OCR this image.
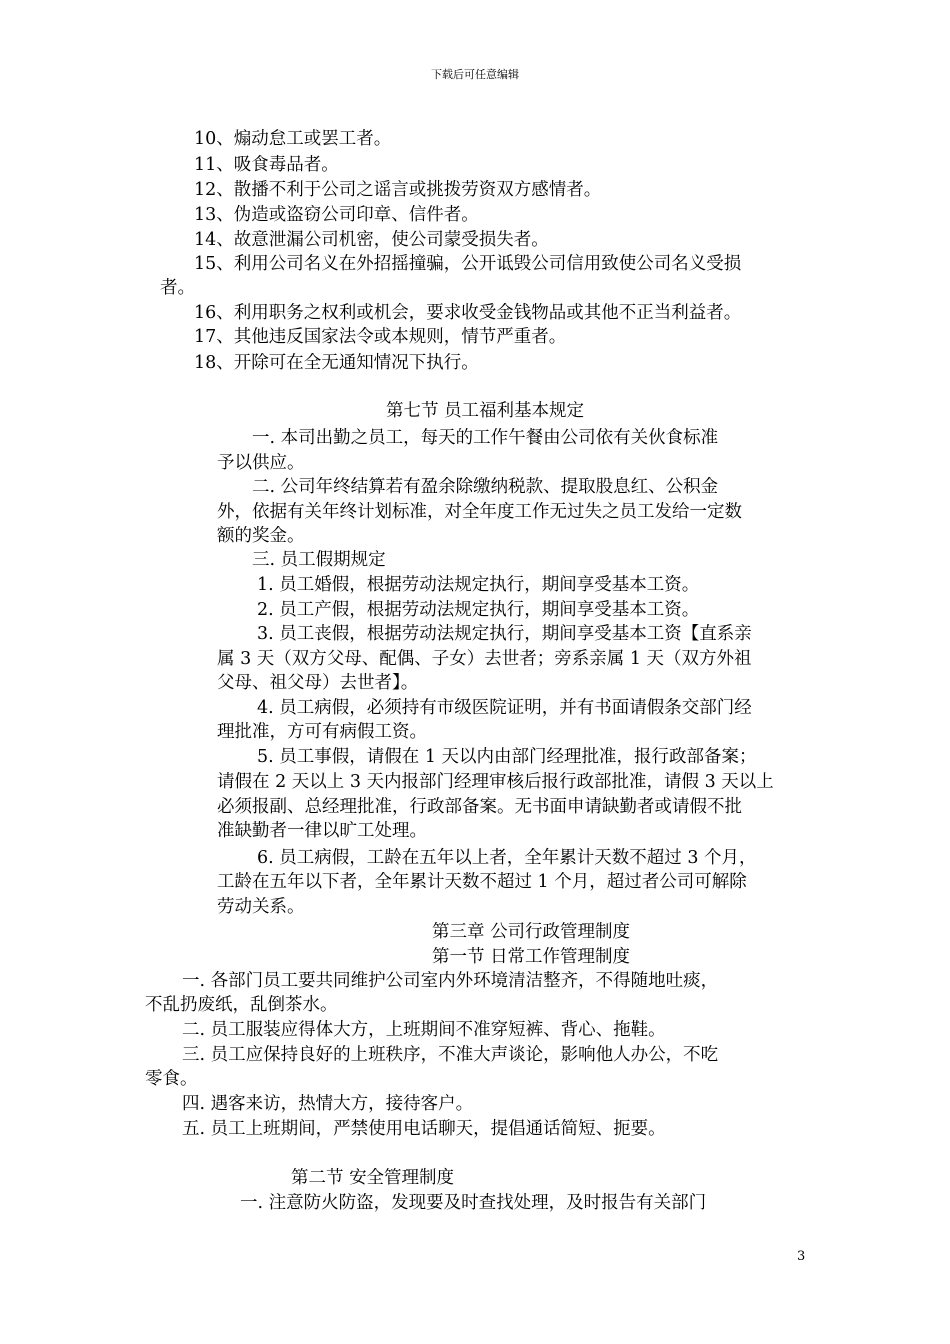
下载后可任意编辑
10、煽动怠工或罢工者。
11、吸食毒品者。
12、散播不利于公司之谣言或挑拨劳资双方感情者。
13、伪造或盗窃公司印章、信件者。
14、故意泄漏公司机密，使公司蒙受损失者。
15、利用公司名义在外招摇撞骗，公开诋毁公司信用致使公司名义受损
者。
16、利用职务之权利或机会，要求收受金钱物品或其他不正当利益者。
17、其他违反国家法令或本规则，情节严重者。
18、开除可在全无通知情况下执行。
第七节 员工福利基本规定
一. 本司出勤之员工，每天的工作午餐由公司依有关伙食标准
予以供应。
二. 公司年终结算若有盈余除缴纳税款、提取股息红、公积金
外，依据有关年终计划标准，对全年度工作无过失之员工发给一定数
额的奖金。
三. 员工假期规定
1. 员工婚假，根据劳动法规定执行，期间享受基本工资。
2. 员工产假，根据劳动法规定执行，期间享受基本工资。
3. 员工丧假，根据劳动法规定执行，期间享受基本工资【直系亲
属 3 天（双方父母、配偶、子女）去世者；旁系亲属 1 天（双方外祖
父母、祖父母）去世者】。
4. 员工病假，必须持有市级医院证明，并有书面请假条交部门经
理批准，方可有病假工资。
5. 员工事假，请假在 1 天以内由部门经理批准，报行政部备案；
请假在 2 天以上 3 天内报部门经理审核后报行政部批准，请假 3 天以上
必须报副、总经理批准，行政部备案。无书面申请缺勤者或请假不批
准缺勤者一律以旷工处理。
6. 员工病假，工龄在五年以上者，全年累计天数不超过 3 个月，
工龄在五年以下者，全年累计天数不超过 1 个月，超过者公司可解除
劳动关系。
第三章 公司行政管理制度
第一节 日常工作管理制度
一. 各部门员工要共同维护公司室内外环境清洁整齐，不得随地吐痰，
不乱扔废纸，乱倒茶水。
二. 员工服装应得体大方，上班期间不准穿短裤、背心、拖鞋。
三. 员工应保持良好的上班秩序，不准大声谈论，影响他人办公，不吃
零食。
四. 遇客来访，热情大方，接待客户。
五. 员工上班期间，严禁使用电话聊天，提倡通话简短、扼要。
第二节 安全管理制度
一. 注意防火防盗，发现要及时查找处理，及时报告有关部门
3
